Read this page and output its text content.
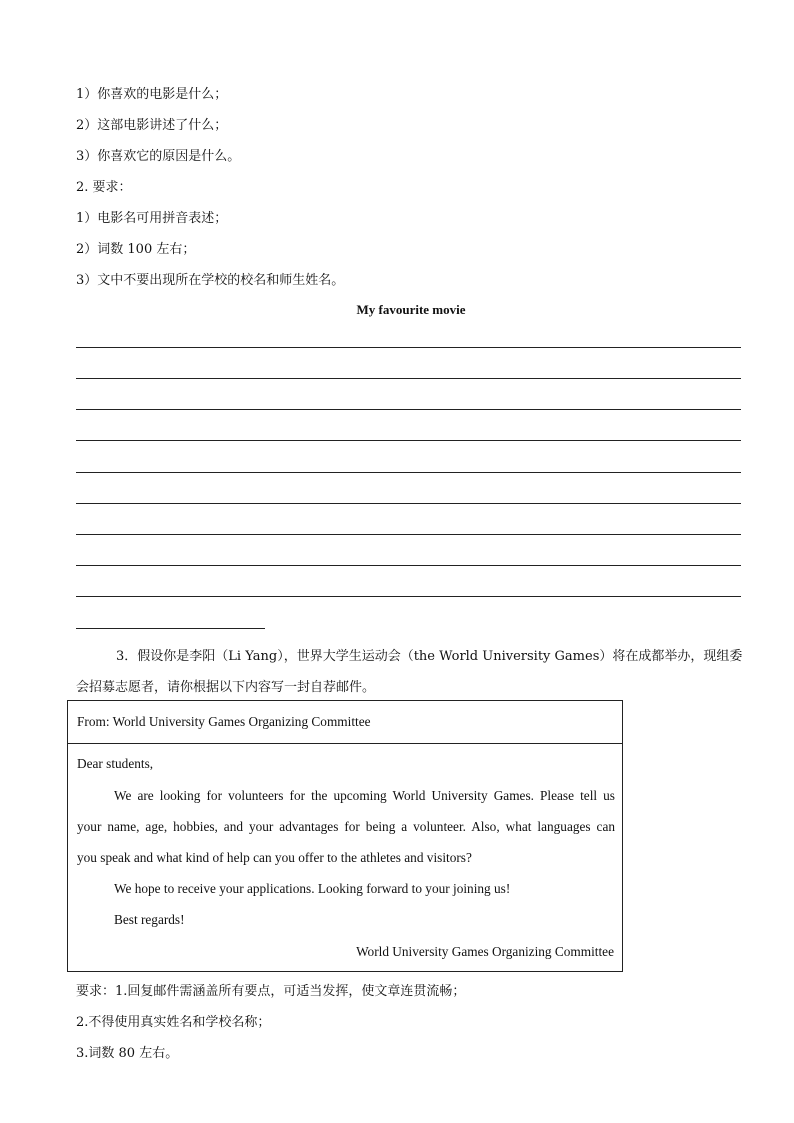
1）你喜欢的电影是什么；
2）这部电影讲述了什么；
3）你喜欢它的原因是什么。
2. 要求：
1）电影名可用拼音表述；
2）词数 100 左右；
3）文中不要出现所在学校的校名和师生姓名。
My favourite movie
3．假设你是李阳（Li Yang），世界大学生运动会（the World University Games）将在成都举办，现组委
会招募志愿者，请你根据以下内容写一封自荐邮件。
From: World University Games Organizing Committee
Dear students,
We are looking for volunteers for the upcoming World University Games. Please tell us
your name, age, hobbies, and your advantages for being a volunteer. Also, what languages can
you speak and what kind of help can you offer to the athletes and visitors?
We hope to receive your applications. Looking forward to your joining us!
Best regards!
World University Games Organizing Committee
要求：1.回复邮件需涵盖所有要点，可适当发挥，使文章连贯流畅；
2.不得使用真实姓名和学校名称；
3.词数 80 左右。
